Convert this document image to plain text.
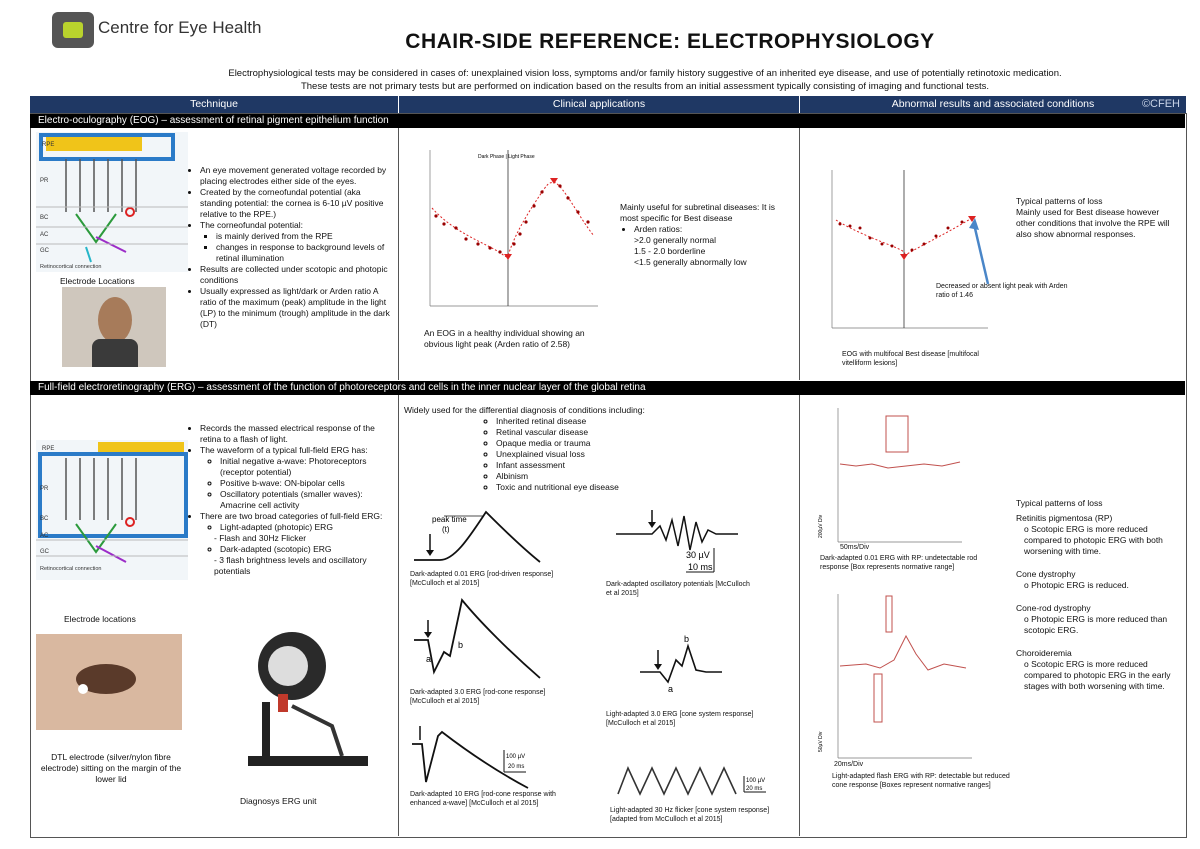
Centre for Eye Health
CHAIR-SIDE REFERENCE: ELECTROPHYSIOLOGY
Electrophysiological tests may be considered in cases of: unexplained vision loss, symptoms and/or family history suggestive of an inherited eye disease, and use of potentially retinotoxic medication.
These tests are not primary tests but are performed on indication based on the results from an initial assessment typically consisting of imaging and functional tests.
Technique	Clinical applications	Abnormal results and associated conditions	©CFEH
Electro-oculography (EOG) – assessment of retinal pigment epithelium function
RPE
PR
BC
AC
GC
Retinocortical connection
Electrode Locations
• An eye movement generated voltage recorded by placing electrodes either side of the eyes.
• Created by the corneofundal potential (aka standing potential: the cornea is 6-10 µV positive relative to the RPE.)
• The corneofundal potential:
▪ is mainly derived from the RPE
▪ changes in response to background levels of retinal illumination
• Results are collected under scotopic and photopic conditions
• Usually expressed as light/dark or Arden ratio A ratio of the maximum (peak) amplitude in the light (LP) to the minimum (trough) amplitude in the dark (DT)
Dark Phase | Light Phase
An EOG in a healthy individual showing an obvious light peak (Arden ratio of 2.58)
Mainly useful for subretinal diseases: It is most specific for Best disease
• Arden ratios:
>2.0 generally normal
1.5 - 2.0 borderline
<1.5 generally abnormally low
Decreased or absent light peak with Arden ratio of 1.46
EOG with multifocal Best disease [multifocal vitelliform lesions]
Typical patterns of loss
Mainly used for Best disease however other conditions that involve the RPE will also show abnormal responses.
Full-field electroretinography (ERG) – assessment of the function of photoreceptors and cells in the inner nuclear layer of the global retina
RPE
PR
BC
AC
GC
Retinocortical connection
Electrode locations
DTL electrode (silver/nylon fibre electrode) sitting on the margin of the lower lid
Diagnosys ERG unit
• Records the massed electrical response of the retina to a flash of light.
• The waveform of a typical full-field ERG has:
◦ Initial negative a-wave: Photoreceptors (receptor potential)
◦ Positive b-wave: ON-bipolar cells
◦ Oscillatory potentials (smaller waves): Amacrine cell activity
• There are two broad categories of full-field ERG:
◦ Light-adapted (photopic) ERG
- Flash and 30Hz Flicker
◦ Dark-adapted (scotopic) ERG
- 3 flash brightness levels and oscillatory potentials
Widely used for the differential diagnosis of conditions including:
◦ Inherited retinal disease
◦ Retinal vascular disease
◦ Opaque media or trauma
◦ Unexplained visual loss
◦ Infant assessment
◦ Albinism
◦ Toxic and nutritional eye disease
peak time
(t)
Dark-adapted 0.01 ERG [rod-driven response] [McCulloch et al 2015]
30 µV
10 ms
Dark-adapted oscillatory potentials [McCulloch et al 2015]
a
b
Dark-adapted 3.0 ERG [rod-cone response] [McCulloch et al 2015]
b
a
Light-adapted 3.0 ERG [cone system response] [McCulloch et al 2015]
100 µV
20 ms
Dark-adapted 10 ERG [rod-cone response with enhanced a-wave] [McCulloch et al 2015]
100 µV
20 ms
Light-adapted 30 Hz flicker [cone system response] [adapted from McCulloch et al 2015]
200µV Div
50ms/Div
Dark-adapted 0.01 ERG with RP: undetectable rod response [Box represents normative range]
50µV Div
20ms/Div
Light-adapted flash ERG with RP: detectable but reduced cone response [Boxes represent normative ranges]
Typical patterns of loss
Retinitis pigmentosa (RP)
o Scotopic ERG is more reduced compared to photopic ERG with both worsening with time.
Cone dystrophy
o Photopic ERG is reduced.
Cone-rod dystrophy
o Photopic ERG is more reduced than scotopic ERG.
Choroideremia
o Scotopic ERG is more reduced compared to photopic ERG in the early stages with both worsening with time.
